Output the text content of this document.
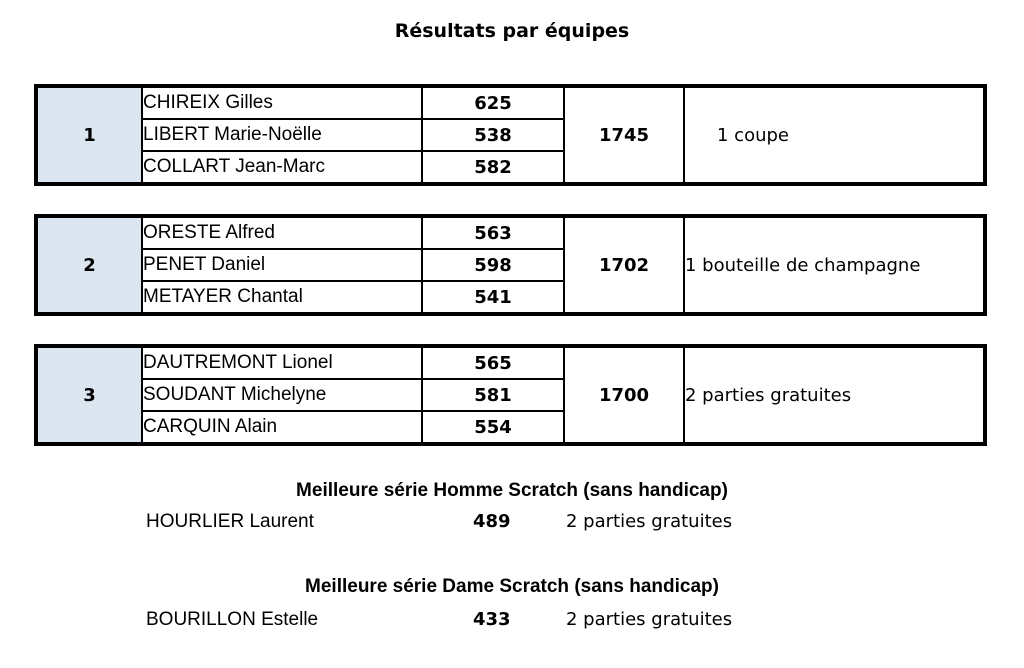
Résultats par équipes
1	CHIREIX Gilles	625	1745	1 coupe
	LIBERT Marie-Noëlle	538		
	COLLART Jean-Marc	582		
2	ORESTE Alfred	563	1702	1 bouteille de champagne
	PENET Daniel	598		
	METAYER Chantal	541		
3	DAUTREMONT Lionel	565	1700	2 parties gratuites
	SOUDANT Michelyne	581		
	CARQUIN Alain	554		
Meilleure série Homme Scratch (sans handicap)
HOURLIER Laurent	489	2 parties gratuites
Meilleure série Dame Scratch (sans handicap)
BOURILLON Estelle	433	2 parties gratuites
